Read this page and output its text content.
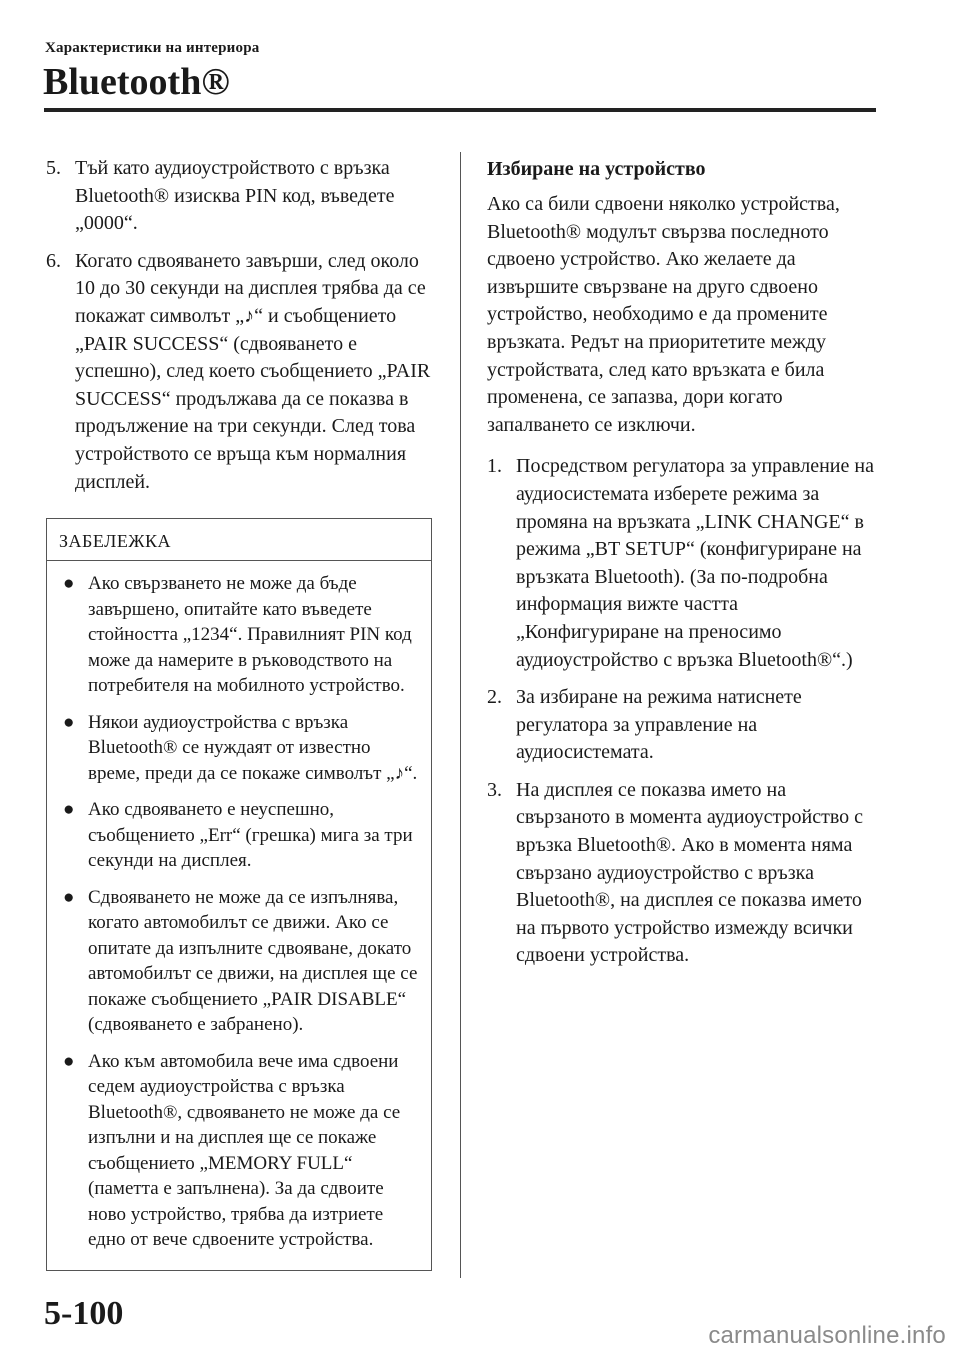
Характеристики на интериора
Bluetooth®
5. Тъй като аудиоустройството с връзка Bluetooth® изисква PIN код, въведете „0000“.
6. Когато сдвояването завърши, след около 10 до 30 секунди на дисплея трябва да се покажат символът „♪“ и съобщението „PAIR SUCCESS“ (сдвояването е успешно), след което съобщението „PAIR SUCCESS“ продължава да се показва в продължение на три секунди. След това устройството се връща към нормалния дисплей.
ЗАБЕЛЕЖКА
● Ако свързването не може да бъде завършено, опитайте като въведете стойността „1234“. Правилният PIN код може да намерите в ръководството на потребителя на мобилното устройство.
● Някои аудиоустройства с връзка Bluetooth® се нуждаят от известно време, преди да се покаже символът „♪“.
● Ако сдвояването е неуспешно, съобщението „Err“ (грешка) мига за три секунди на дисплея.
● Сдвояването не може да се изпълнява, когато автомобилът се движи. Ако се опитате да изпълните сдвояване, докато автомобилът се движи, на дисплея ще се покаже съобщението „PAIR DISABLE“ (сдвояването е забранено).
● Ако към автомобила вече има сдвоени седем аудиоустройства с връзка Bluetooth®, сдвояването не може да се изпълни и на дисплея ще се покаже съобщението „MEMORY FULL“ (паметта е запълнена). За да сдвоите ново устройство, трябва да изтриете едно от вече сдвоените устройства.
Избиране на устройство
Ако са били сдвоени няколко устройства, Bluetooth® модулът свързва последното сдвоено устройство. Ако желаете да извършите свързване на друго сдвоено устройство, необходимо е да промените връзката. Редът на приоритетите между устройствата, след като връзката е била променена, се запазва, дори когато запалването се изключи.
1. Посредством регулатора за управление на аудиосистемата изберете режима за промяна на връзката „LINK CHANGE“ в режима „BT SETUP“ (конфигуриране на връзката Bluetooth). (За по-подробна информация вижте частта „Конфигуриране на преносимо аудиоустройство с връзка Bluetooth®“.)
2. За избиране на режима натиснете регулатора за управление на аудиосистемата.
3. На дисплея се показва името на свързаното в момента аудиоустройство с връзка Bluetooth®. Ако в момента няма свързано аудиоустройство с връзка Bluetooth®, на дисплея се показва името на първото устройство измежду всички сдвоени устройства.
5-100
carmanualsonline.info
